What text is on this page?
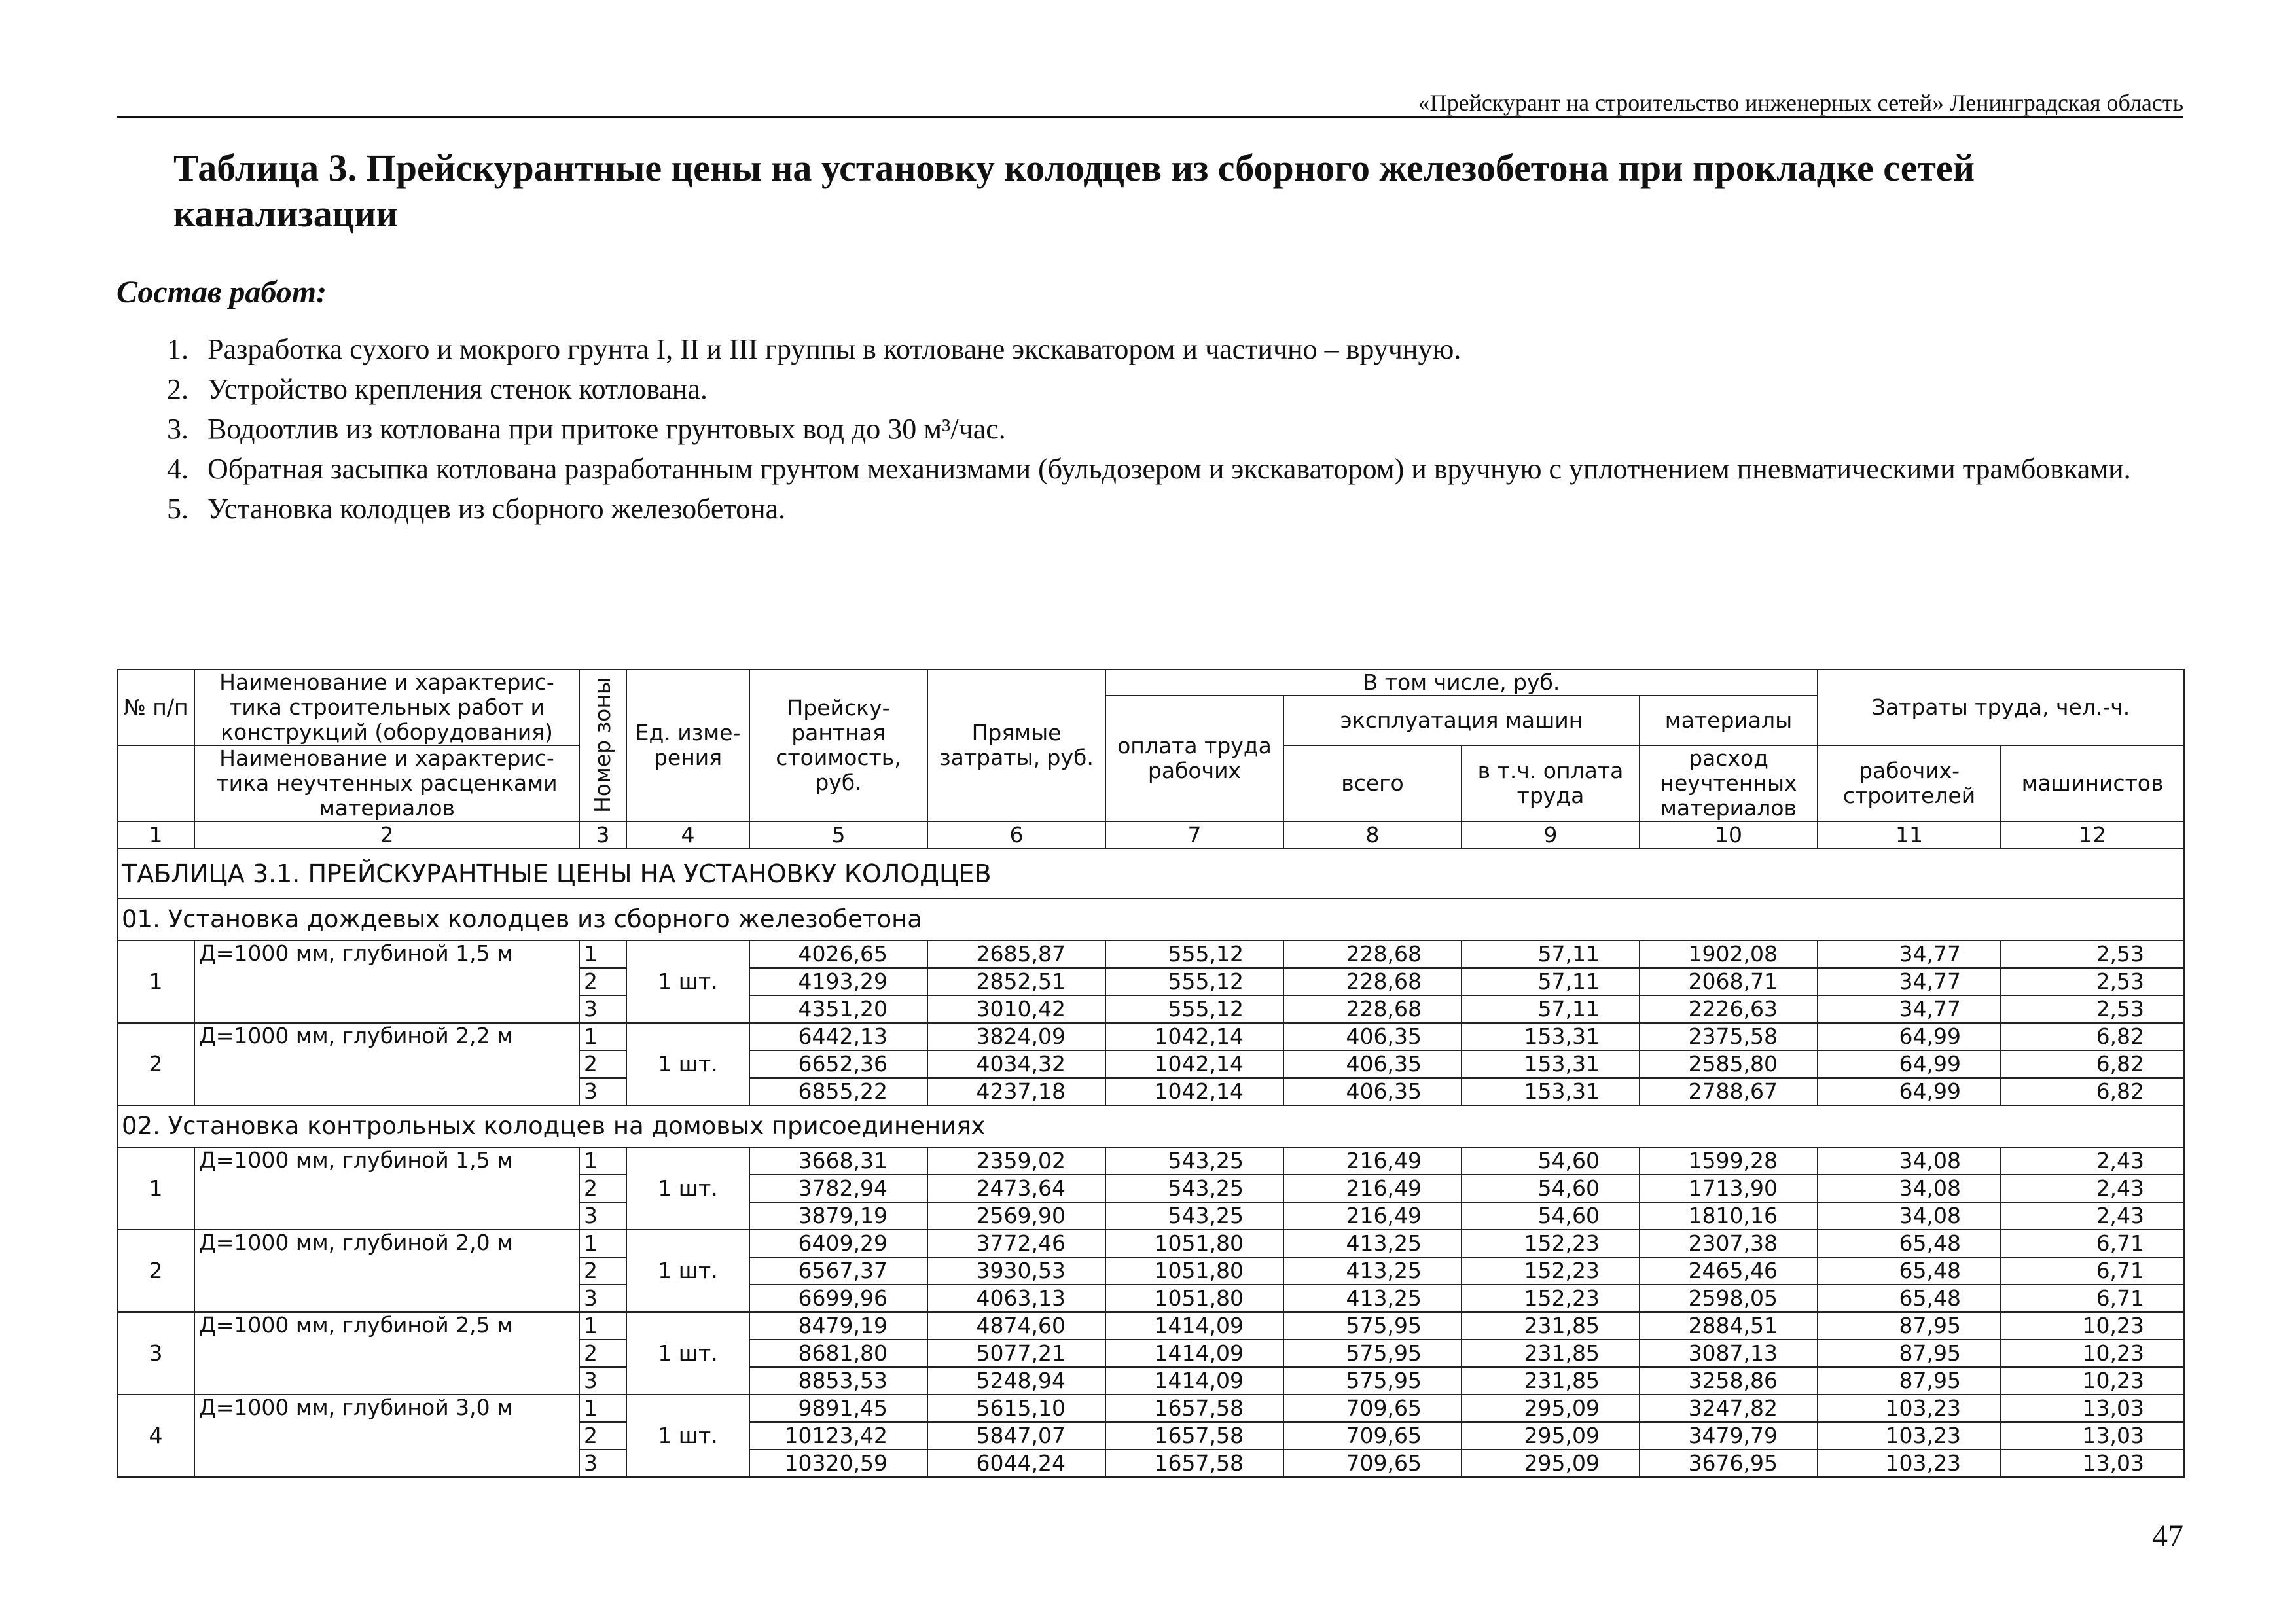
«Прейскурант на строительство инженерных сетей» Ленинградская область
Таблица 3. Прейскурантные цены на установку колодцев из сборного железобетона при прокладке сетей канализации
Состав работ:
1. Разработка сухого и мокрого грунта I, II и III группы в котловане экскаватором и частично – вручную.
2. Устройство крепления стенок котлована.
3. Водоотлив из котлована при притоке грунтовых вод до 30 м³/час.
4. Обратная засыпка котлована разработанным грунтом механизмами (бульдозером и экскаватором) и вручную с уплотнением пневматическими трамбовками.
5. Установка колодцев из сборного железобетона.
№ п/п	Наименование и характерис-тика строительных работ и конструкций (оборудования)	Номер зоны	Ед. изме-рения	Прейску-рантная стоимость, руб.	Прямые затраты, руб.	В том числе, руб.				Затраты труда, чел.-ч.	
						оплата труда рабочих	эксплуатация машин		материалы		
	Наименование и характерис-тика неучтенных расценками материалов						всего	в т.ч. оплата труда	расход неучтенных материалов	рабочих-строителей	машинистов

1	2	3	4	5	6	7	8	9	10	11	12
ТАБЛИЦА 3.1. ПРЕЙСКУРАНТНЫЕ ЦЕНЫ НА УСТАНОВКУ КОЛОДЦЕВ											
01. Установка дождевых колодцев из сборного железобетона											
1	Д=1000 мм, глубиной 1,5 м	1	1 шт.	4026,65	2685,87	555,12	228,68	57,11	1902,08	34,77	2,53
		2		4193,29	2852,51	555,12	228,68	57,11	2068,71	34,77	2,53
		3		4351,20	3010,42	555,12	228,68	57,11	2226,63	34,77	2,53
2	Д=1000 мм, глубиной 2,2 м	1	1 шт.	6442,13	3824,09	1042,14	406,35	153,31	2375,58	64,99	6,82
		2		6652,36	4034,32	1042,14	406,35	153,31	2585,80	64,99	6,82
		3		6855,22	4237,18	1042,14	406,35	153,31	2788,67	64,99	6,82
02. Установка контрольных колодцев на домовых присоединениях											
1	Д=1000 мм, глубиной 1,5 м	1	1 шт.	3668,31	2359,02	543,25	216,49	54,60	1599,28	34,08	2,43
		2		3782,94	2473,64	543,25	216,49	54,60	1713,90	34,08	2,43
		3		3879,19	2569,90	543,25	216,49	54,60	1810,16	34,08	2,43
2	Д=1000 мм, глубиной 2,0 м	1	1 шт.	6409,29	3772,46	1051,80	413,25	152,23	2307,38	65,48	6,71
		2		6567,37	3930,53	1051,80	413,25	152,23	2465,46	65,48	6,71
		3		6699,96	4063,13	1051,80	413,25	152,23	2598,05	65,48	6,71
3	Д=1000 мм, глубиной 2,5 м	1	1 шт.	8479,19	4874,60	1414,09	575,95	231,85	2884,51	87,95	10,23
		2		8681,80	5077,21	1414,09	575,95	231,85	3087,13	87,95	10,23
		3		8853,53	5248,94	1414,09	575,95	231,85	3258,86	87,95	10,23
4	Д=1000 мм, глубиной 3,0 м	1	1 шт.	9891,45	5615,10	1657,58	709,65	295,09	3247,82	103,23	13,03
		2		10123,42	5847,07	1657,58	709,65	295,09	3479,79	103,23	13,03
		3		10320,59	6044,24	1657,58	709,65	295,09	3676,95	103,23	13,03
47
